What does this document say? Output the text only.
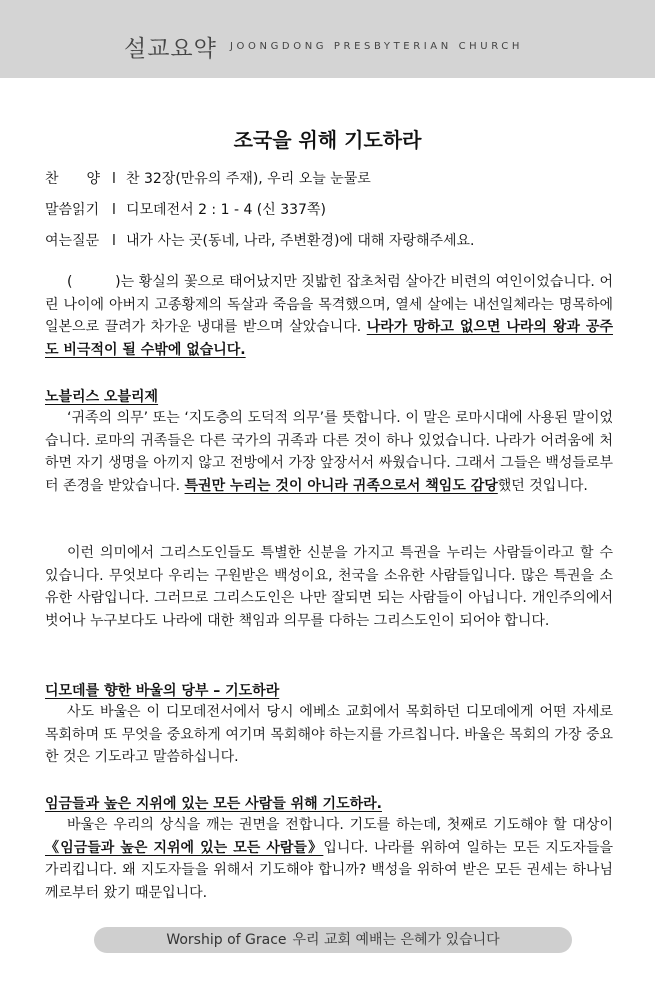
설교요약 JOONGDONG PRESBYTERIAN CHURCH
조국을 위해 기도하라
찬　　양 l 찬 32장(만유의 주재), 우리 오늘 눈물로
말씀읽기 l 디모데전서 2 : 1 - 4 (신 337쪽)
여는질문 l 내가 사는 곳(동네, 나라, 주변환경)에 대해 자랑해주세요.
(　　　)는 황실의 꽃으로 태어났지만 짓밟힌 잡초처럼 살아간 비련의 여인이었습니다. 어린 나이에 아버지 고종황제의 독살과 죽음을 목격했으며, 열세 살에는 내선일체라는 명목하에 일본으로 끌려가 차가운 냉대를 받으며 살았습니다. 나라가 망하고 없으면 나라의 왕과 공주도 비극적이 될 수밖에 없습니다.
노블리스 오블리제
‘귀족의 의무’ 또는 ‘지도층의 도덕적 의무’를 뜻합니다. 이 말은 로마시대에 사용된 말이었습니다. 로마의 귀족들은 다른 국가의 귀족과 다른 것이 하나 있었습니다. 나라가 어려움에 처하면 자기 생명을 아끼지 않고 전방에서 가장 앞장서서 싸웠습니다. 그래서 그들은 백성들로부터 존경을 받았습니다. 특권만 누리는 것이 아니라 귀족으로서 책임도 감당했던 것입니다.
이런 의미에서 그리스도인들도 특별한 신분을 가지고 특권을 누리는 사람들이라고 할 수 있습니다. 무엇보다 우리는 구원받은 백성이요, 천국을 소유한 사람들입니다. 많은 특권을 소유한 사람입니다. 그러므로 그리스도인은 나만 잘되면 되는 사람들이 아닙니다. 개인주의에서 벗어나 누구보다도 나라에 대한 책임과 의무를 다하는 그리스도인이 되어야 합니다.
디모데를 향한 바울의 당부 – 기도하라
사도 바울은 이 디모데전서에서 당시 에베소 교회에서 목회하던 디모데에게 어떤 자세로 목회하며 또 무엇을 중요하게 여기며 목회해야 하는지를 가르칩니다. 바울은 목회의 가장 중요한 것은 기도라고 말씀하십니다.
임금들과 높은 지위에 있는 모든 사람들 위해 기도하라.
바울은 우리의 상식을 깨는 권면을 전합니다. 기도를 하는데, 첫째로 기도해야 할 대상이 《임금들과 높은 지위에 있는 모든 사람들》입니다. 나라를 위하여 일하는 모든 지도자들을 가리킵니다. 왜 지도자들을 위해서 기도해야 합니까? 백성을 위하여 받은 모든 권세는 하나님께로부터 왔기 때문입니다.
Worship of Grace 우리 교회 예배는 은혜가 있습니다
